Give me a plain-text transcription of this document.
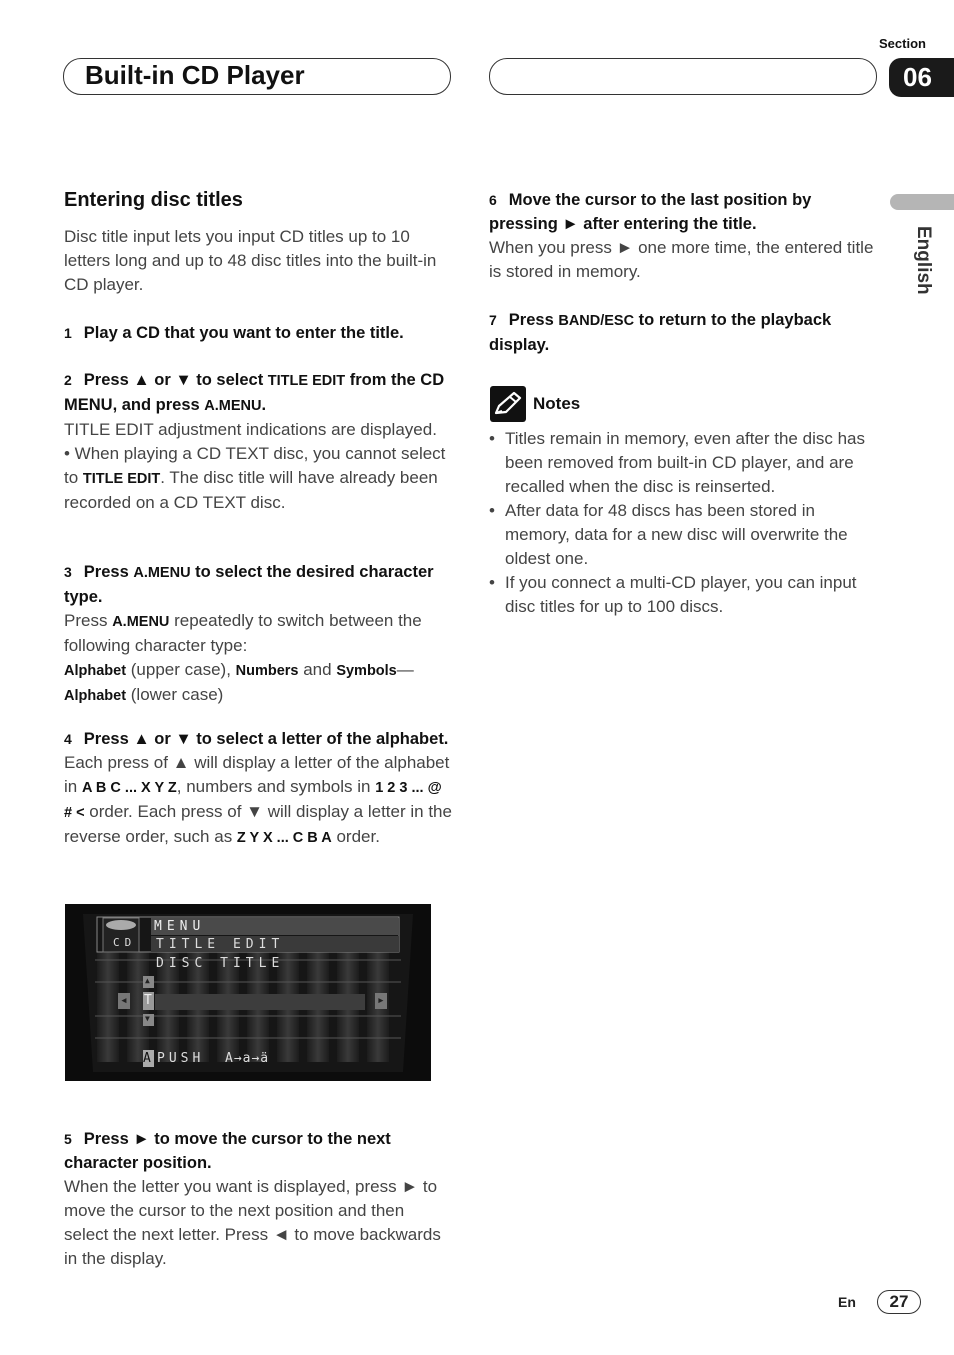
Built-in CD Player
Section
06
English
Entering disc titles
Disc title input lets you input CD titles up to 10 letters long and up to 48 disc titles into the built-in CD player.
1 Play a CD that you want to enter the title.
2 Press ▲ or ▼ to select TITLE EDIT from the CD MENU, and press A.MENU.
TITLE EDIT adjustment indications are displayed.
• When playing a CD TEXT disc, you cannot select to TITLE EDIT. The disc title will have already been recorded on a CD TEXT disc.
3 Press A.MENU to select the desired character type.
Press A.MENU repeatedly to switch between the following character type:
Alphabet (upper case), Numbers and Symbols—Alphabet (lower case)
4 Press ▲ or ▼ to select a letter of the alphabet.
Each press of ▲ will display a letter of the alphabet in A B C ... X Y Z, numbers and symbols in 1 2 3 ... @ # < order. Each press of ▼ will display a letter in the reverse order, such as Z Y X ... C B A order.
CD
MENU
TITLE EDIT
DISC TITLE
▲
T
▼
◂	▸
A PUSH A→a→ä
5 Press ► to move the cursor to the next character position.
When the letter you want is displayed, press ► to move the cursor to the next position and then select the next letter. Press ◄ to move backwards in the display.
6 Move the cursor to the last position by pressing ► after entering the title.
When you press ► one more time, the entered title is stored in memory.
7 Press BAND/ESC to return to the playback display.
Notes
• Titles remain in memory, even after the disc has been removed from built-in CD player, and are recalled when the disc is reinserted.
• After data for 48 discs has been stored in memory, data for a new disc will overwrite the oldest one.
• If you connect a multi-CD player, you can input disc titles for up to 100 discs.
En	27
